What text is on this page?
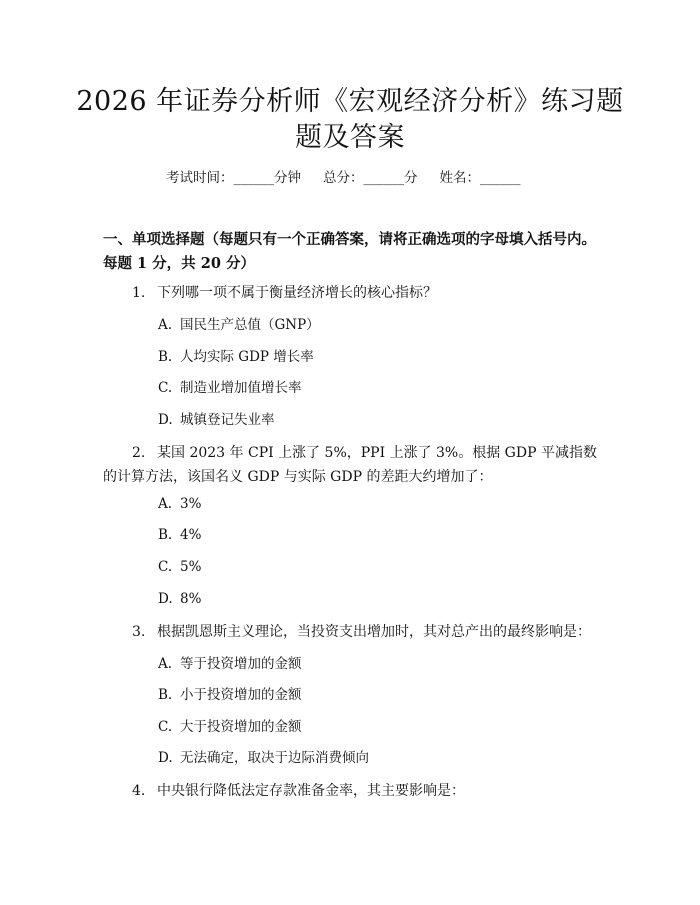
2026 年证券分析师《宏观经济分析》练习题
题及答案
考试时间：______分钟 总分：______分 姓名：______
一、单项选择题（每题只有一个正确答案，请将正确选项的字母填入括号内。每题 1 分，共 20 分）
1. 下列哪一项不属于衡量经济增长的核心指标？
A. 国民生产总值（GNP）
B. 人均实际 GDP 增长率
C. 制造业增加值增长率
D. 城镇登记失业率
2. 某国 2023 年 CPI 上涨了 5%，PPI 上涨了 3%。根据 GDP 平减指数的计算方法，该国名义 GDP 与实际 GDP 的差距大约增加了：
A. 3%
B. 4%
C. 5%
D. 8%
3. 根据凯恩斯主义理论，当投资支出增加时，其对总产出的最终影响是：
A. 等于投资增加的金额
B. 小于投资增加的金额
C. 大于投资增加的金额
D. 无法确定，取决于边际消费倾向
4. 中央银行降低法定存款准备金率，其主要影响是：
